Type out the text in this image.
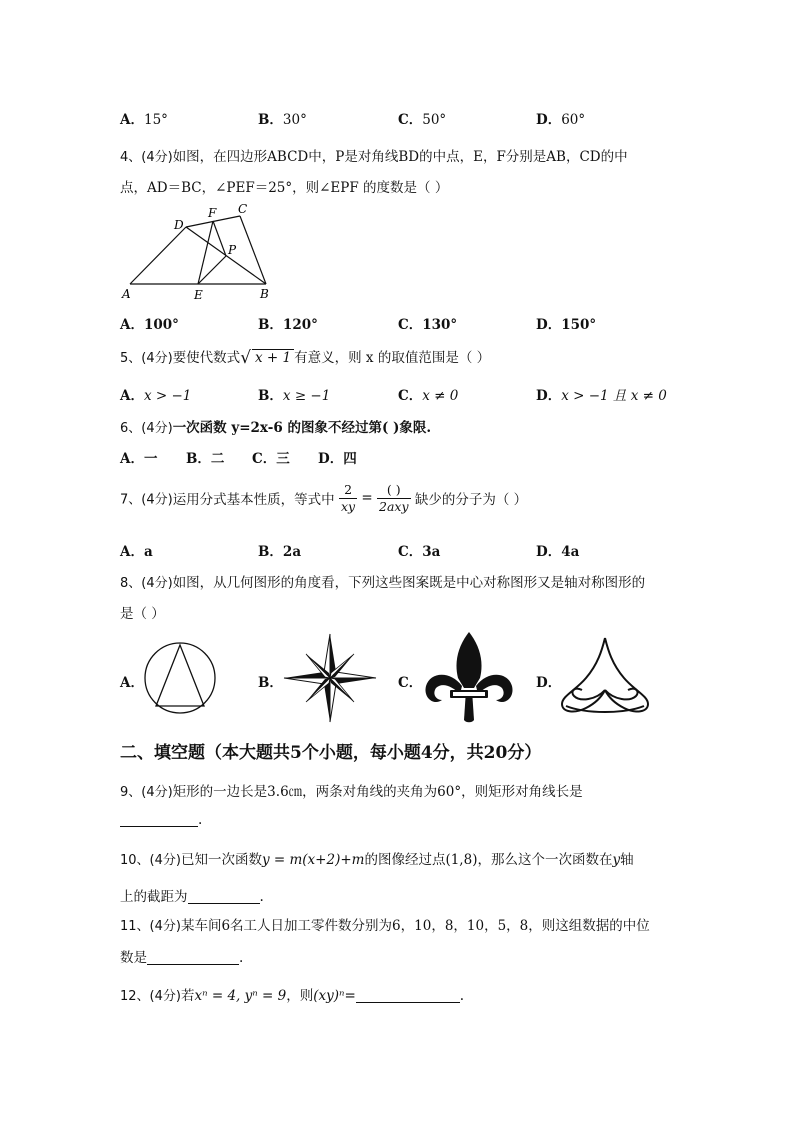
A．15°	B．30°	C．50°	D．60°
4、(4分)如图，在四边形ABCD中，P是对角线BD的中点，E，F分别是AB，CD的中
点，AD＝BC，∠PEF＝25°，则∠EPF 的度数是（ ）
A	B
C
D
E
F
P
A．100°	B．120°	C．130°	D．150°
5、(4分)要使代数式√ x + 1 有意义，则 x 的取值范围是（ ）
A．x > −1	B．x ≥ −1	C．x ≠ 0	D．x > −1 且 x ≠ 0
6、(4分)一次函数 y=2x-6 的图象不经过第( )象限.
A．一 B．二 C．三 D．四
7、(4分)运用分式基本性质，等式中 $\frac{2}{xy} = \frac{( )}{\text{2axy}}$ 缺少的分子为（ ）
A．a	B．2a	C．3a	D．4a
8、(4分)如图，从几何图形的角度看，下列这些图案既是中心对称图形又是轴对称图形的
是（ ）
A．	B．	C．	D．
二、填空题（本大题共5个小题，每小题4分，共20分）
9、(4分)矩形的一边长是3.6㎝，两条对角线的夹角为60°，则矩形对角线长是
.
10、(4分)已知一次函数y = m(x+2)+m的图像经过点(1,8)，那么这个一次函数在y轴
上的截距为	.
11、(4分)某车间6名工人日加工零件数分别为6，10，8，10，5，8，则这组数据的中位
数是	.
12、(4分)若xⁿ = 4, yⁿ = 9，则(xy)ⁿ=	.
